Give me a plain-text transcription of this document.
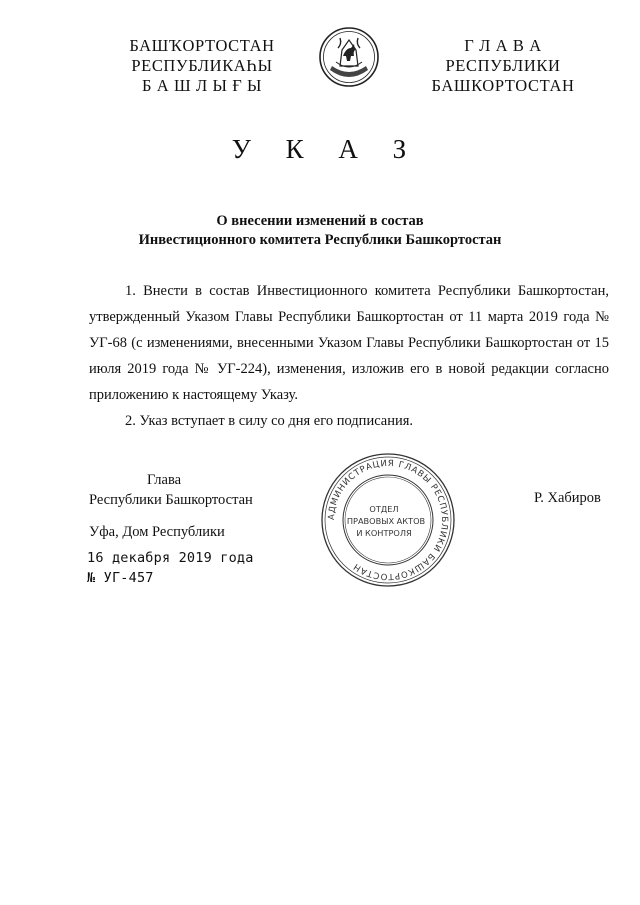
БАШҠОРТОСТАН
РЕСПУБЛИКАҺЫ
Б А Ш Л Ы Ғ Ы
Г Л А В А
РЕСПУБЛИКИ
БАШКОРТОСТАН
У К А З
О внесении изменений в состав
Инвестиционного комитета Республики Башкортостан

1. Внести в состав Инвестиционного комитета Республики Башкортостан, утвержденный Указом Главы Республики Башкортостан от 11 марта 2019 года № УГ-68 (с изменениями, внесенными Указом Главы Республики Башкортостан от 15 июля 2019 года № УГ-224), изменения, изложив его в новой редакции согласно приложению к настоящему Указу.

2. Указ вступает в силу со дня его подписания.

Глава
Республики Башкортостан
АДМИНИСТРАЦИЯ ГЛАВЫ РЕСПУБЛИКИ БАШКОРТОСТАН
ОТДЕЛ
ПРАВОВЫХ АКТОВ
И КОНТРОЛЯ
Р. Хабиров
Уфа, Дом Республики
16 декабря 2019 года
№ УГ-457
